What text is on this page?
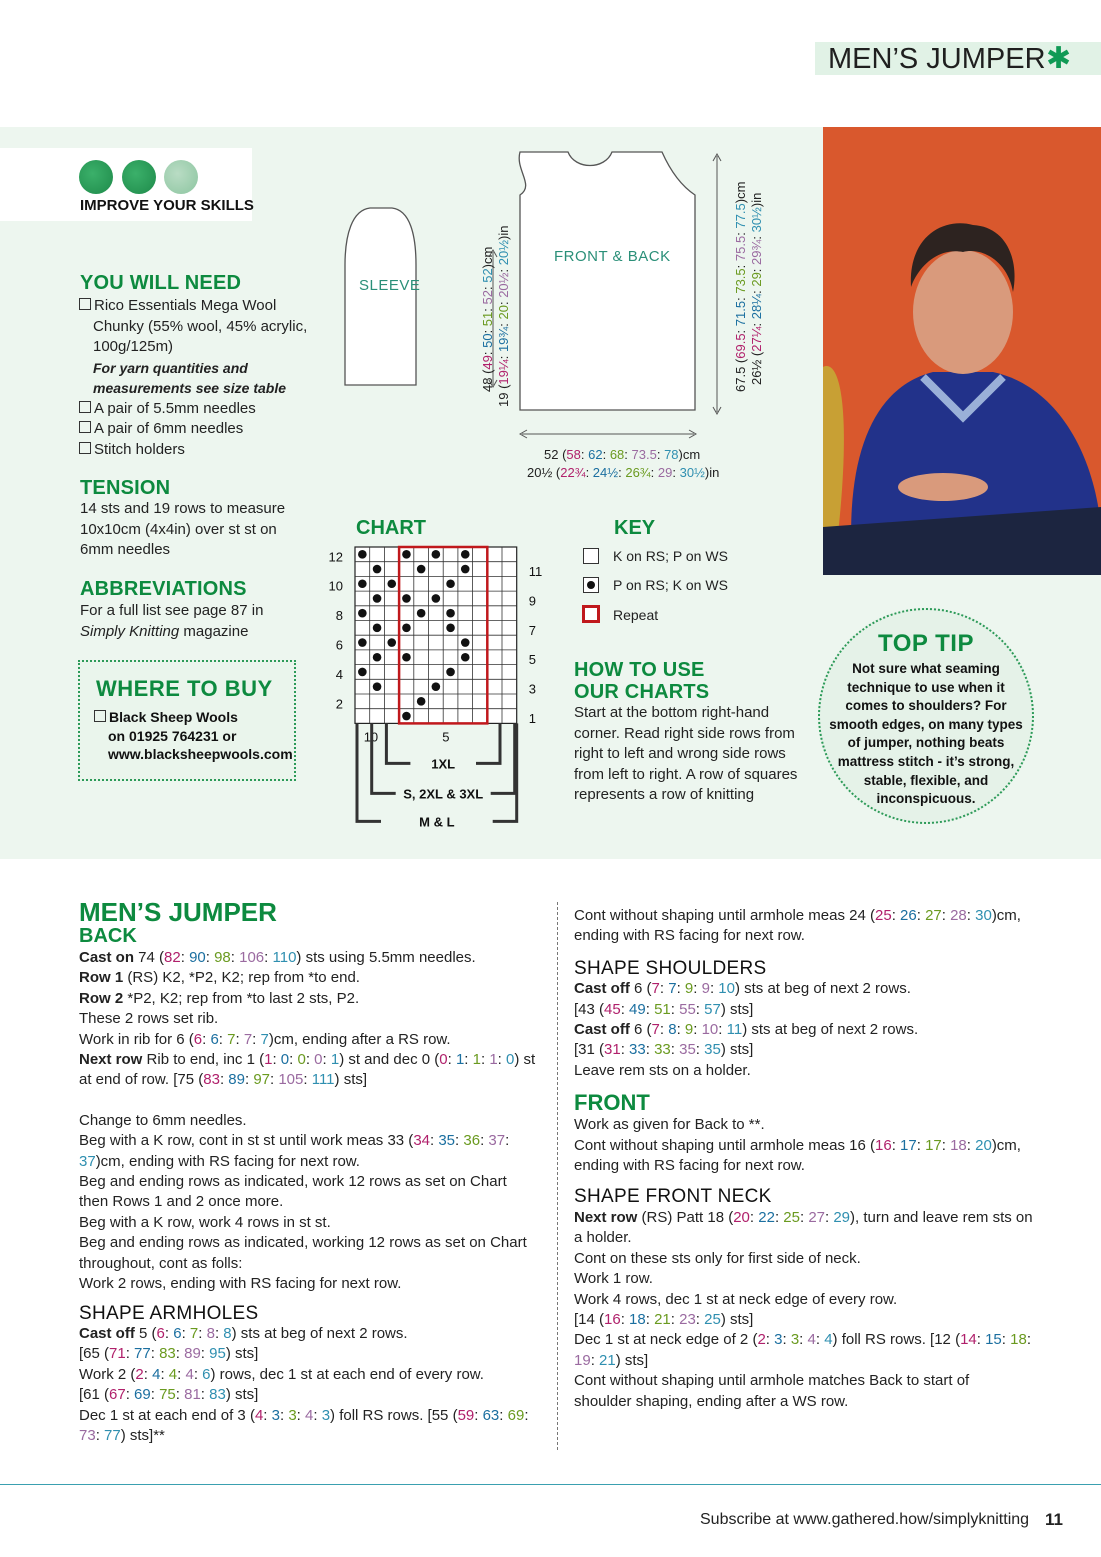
MEN’S JUMPER ✱
IMPROVE YOUR SKILLS
YOU WILL NEED
Rico Essentials Mega Wool
Chunky (55% wool, 45% acrylic,
100g/125m)
For yarn quantities and
measurements see size table
A pair of 5.5mm needles
A pair of 6mm needles
Stitch holders
TENSION
14 sts and 19 rows to measure
10x10cm (4x4in) over st st on
6mm needles
ABBREVIATIONS
For a full list see page 87 in
Simply Knitting magazine
WHERE TO BUY
Black Sheep Wools
on 01925 764231 or
www.blacksheepwools.com
SLEEVE
FRONT & BACK
48 (49: 50: 51: 52: 52)cm
19 (19¼: 19¾: 20: 20½: 20½)in
67.5 (69.5: 71.5: 73.5: 75.5: 77.5)cm
26½ (27¼: 28¼: 29: 29¾: 30½)in
52 (58: 62: 68: 73.5: 78)cm
20½ (22¾: 24½: 26¾: 29: 30½)in
CHART
12
10
8
6
4
2
11
9
7
5
3
1
10	5
1XL
S, 2XL & 3XL
M & L
KEY
K on RS; P on WS
P on RS; K on WS
Repeat
HOW TO USE
OUR CHARTS
Start at the bottom right-hand
corner. Read right side rows from
right to left and wrong side rows
from left to right. A row of squares
represents a row of knitting
TOP TIP
Not sure what seaming
technique to use when it
comes to shoulders? For
smooth edges, on many types
of jumper, nothing beats
mattress stitch - it’s strong,
stable, flexible, and
inconspicuous.
MEN’S JUMPER
BACK
Cast on 74 (82: 90: 98: 106: 110) sts using 5.5mm needles.
Row 1 (RS) K2, *P2, K2; rep from *to end.
Row 2 *P2, K2; rep from *to last 2 sts, P2.
These 2 rows set rib.
Work in rib for 6 (6: 6: 7: 7: 7)cm, ending after a RS row.
Next row Rib to end, inc 1 (1: 0: 0: 0: 1) st and dec 0 (0: 1: 1: 1: 0) st
at end of row. [75 (83: 89: 97: 105: 111) sts]
Change to 6mm needles.
Beg with a K row, cont in st st until work meas 33 (34: 35: 36: 37:
37)cm, ending with RS facing for next row.
Beg and ending rows as indicated, work 12 rows as set on Chart
then Rows 1 and 2 once more.
Beg with a K row, work 4 rows in st st.
Beg and ending rows as indicated, working 12 rows as set on Chart
throughout, cont as folls:
Work 2 rows, ending with RS facing for next row.
SHAPE ARMHOLES
Cast off 5 (6: 6: 7: 8: 8) sts at beg of next 2 rows.
[65 (71: 77: 83: 89: 95) sts]
Work 2 (2: 4: 4: 4: 6) rows, dec 1 st at each end of every row.
[61 (67: 69: 75: 81: 83) sts]
Dec 1 st at each end of 3 (4: 3: 3: 4: 3) foll RS rows. [55 (59: 63: 69:
73: 77) sts]**
Cont without shaping until armhole meas 24 (25: 26: 27: 28: 30)cm,
ending with RS facing for next row.
SHAPE SHOULDERS
Cast off 6 (7: 7: 9: 9: 10) sts at beg of next 2 rows.
[43 (45: 49: 51: 55: 57) sts]
Cast off 6 (7: 8: 9: 10: 11) sts at beg of next 2 rows.
[31 (31: 33: 33: 35: 35) sts]
Leave rem sts on a holder.
FRONT
Work as given for Back to **.
Cont without shaping until armhole meas 16 (16: 17: 17: 18: 20)cm,
ending with RS facing for next row.
SHAPE FRONT NECK
Next row (RS) Patt 18 (20: 22: 25: 27: 29), turn and leave rem sts on
a holder.
Cont on these sts only for first side of neck.
Work 1 row.
Work 4 rows, dec 1 st at neck edge of every row.
[14 (16: 18: 21: 23: 25) sts]
Dec 1 st at neck edge of 2 (2: 3: 3: 4: 4) foll RS rows. [12 (14: 15: 18:
19: 21) sts]
Cont without shaping until armhole matches Back to start of
shoulder shaping, ending after a WS row.
Subscribe at www.gathered.how/simplyknitting 11
